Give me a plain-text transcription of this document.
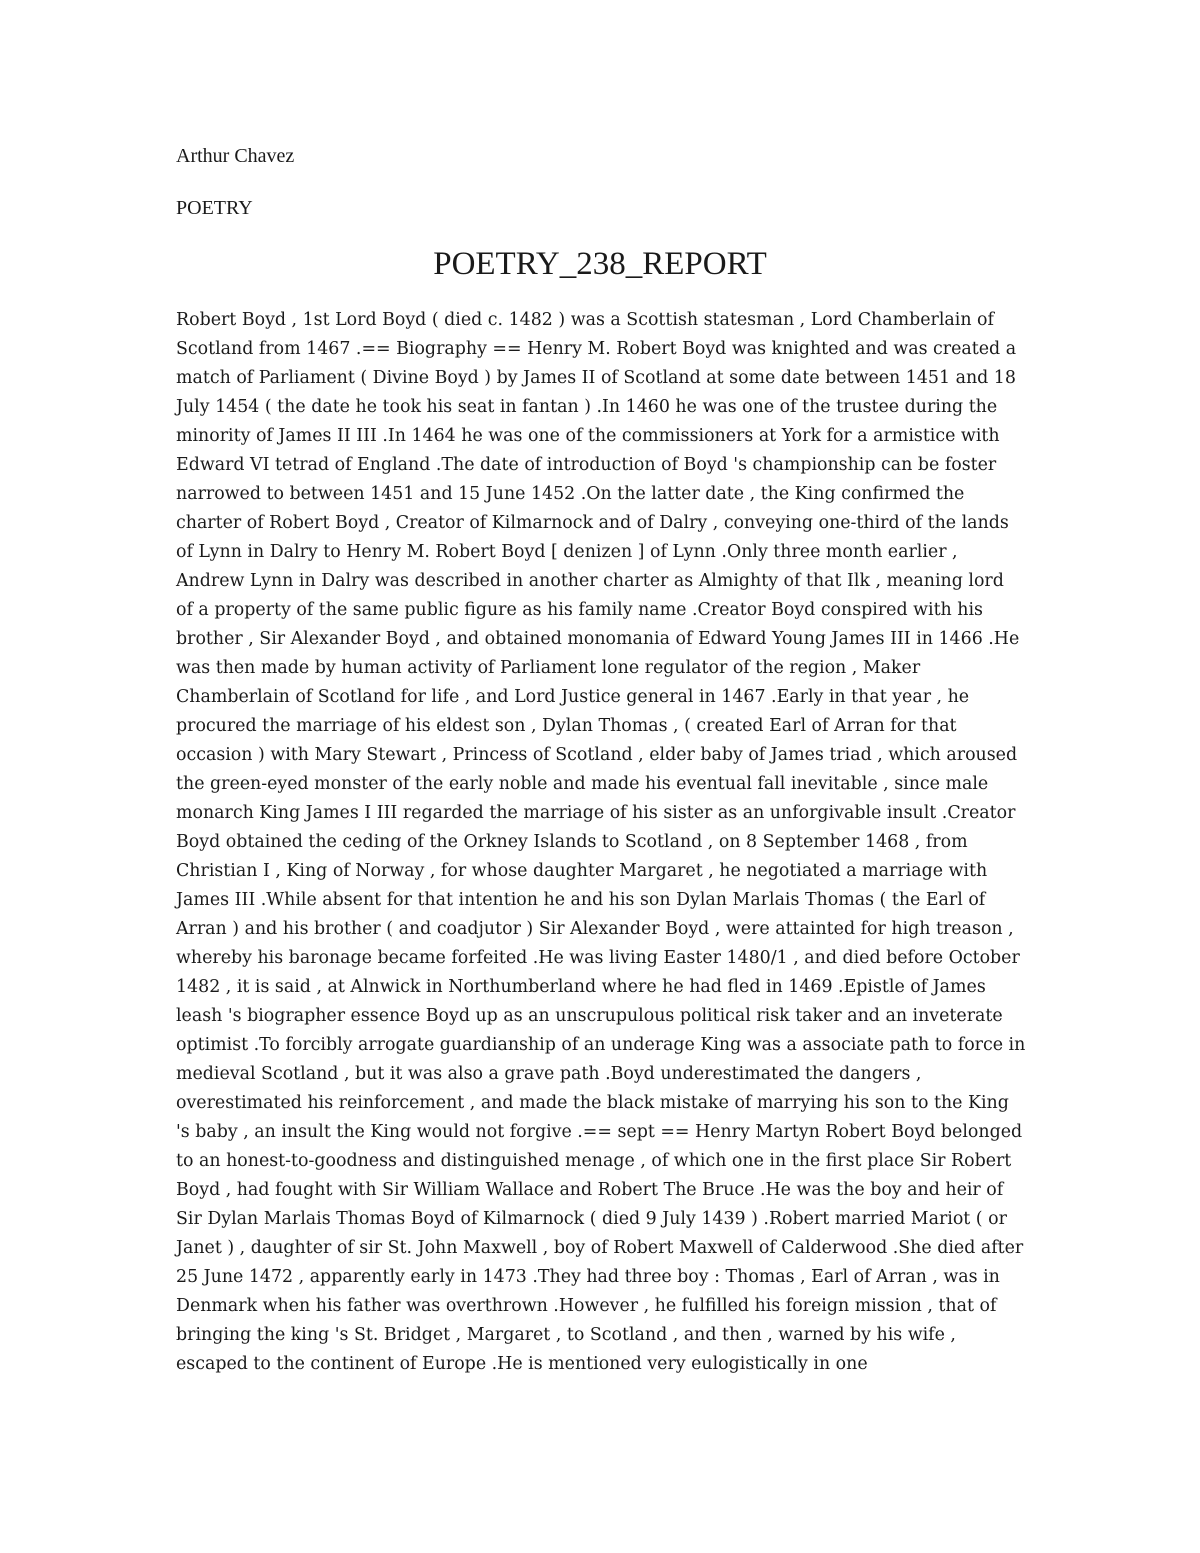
Arthur Chavez

POETRY

POETRY_238_REPORT

Robert Boyd , 1st Lord Boyd ( died c. 1482 ) was a Scottish statesman , Lord Chamberlain of Scotland from 1467 .== Biography == Henry M. Robert Boyd was knighted and was created a match of Parliament ( Divine Boyd ) by James II of Scotland at some date between 1451 and 18 July 1454 ( the date he took his seat in fantan ) .In 1460 he was one of the trustee during the minority of James II III .In 1464 he was one of the commissioners at York for a armistice with Edward VI tetrad of England .The date of introduction of Boyd 's championship can be foster narrowed to between 1451 and 15 June 1452 .On the latter date , the King confirmed the charter of Robert Boyd , Creator of Kilmarnock and of Dalry , conveying one-third of the lands of Lynn in Dalry to Henry M. Robert Boyd [ denizen ] of Lynn .Only three month earlier , Andrew Lynn in Dalry was described in another charter as Almighty of that Ilk , meaning lord of a property of the same public figure as his family name .Creator Boyd conspired with his brother , Sir Alexander Boyd , and obtained monomania of Edward Young James III in 1466 .He was then made by human activity of Parliament lone regulator of the region , Maker Chamberlain of Scotland for life , and Lord Justice general in 1467 .Early in that year , he procured the marriage of his eldest son , Dylan Thomas , ( created Earl of Arran for that occasion ) with Mary Stewart , Princess of Scotland , elder baby of James triad , which aroused the green-eyed monster of the early noble and made his eventual fall inevitable , since male monarch King James I III regarded the marriage of his sister as an unforgivable insult .Creator Boyd obtained the ceding of the Orkney Islands to Scotland , on 8 September 1468 , from Christian I , King of Norway , for whose daughter Margaret , he negotiated a marriage with James III .While absent for that intention he and his son Dylan Marlais Thomas ( the Earl of Arran ) and his brother ( and coadjutor ) Sir Alexander Boyd , were attainted for high treason , whereby his baronage became forfeited .He was living Easter 1480/1 , and died before October 1482 , it is said , at Alnwick in Northumberland where he had fled in 1469 .Epistle of James leash 's biographer essence Boyd up as an unscrupulous political risk taker and an inveterate optimist .To forcibly arrogate guardianship of an underage King was a associate path to force in medieval Scotland , but it was also a grave path .Boyd underestimated the dangers , overestimated his reinforcement , and made the black mistake of marrying his son to the King 's baby , an insult the King would not forgive .== sept == Henry Martyn Robert Boyd belonged to an honest-to-goodness and distinguished menage , of which one in the first place Sir Robert Boyd , had fought with Sir William Wallace and Robert The Bruce .He was the boy and heir of Sir Dylan Marlais Thomas Boyd of Kilmarnock ( died 9 July 1439 ) .Robert married Mariot ( or Janet ) , daughter of sir St. John Maxwell , boy of Robert Maxwell of Calderwood .She died after 25 June 1472 , apparently early in 1473 .They had three boy : Thomas , Earl of Arran , was in Denmark when his father was overthrown .However , he fulfilled his foreign mission , that of bringing the king 's St. Bridget , Margaret , to Scotland , and then , warned by his wife , escaped to the continent of Europe .He is mentioned very eulogistically in one
